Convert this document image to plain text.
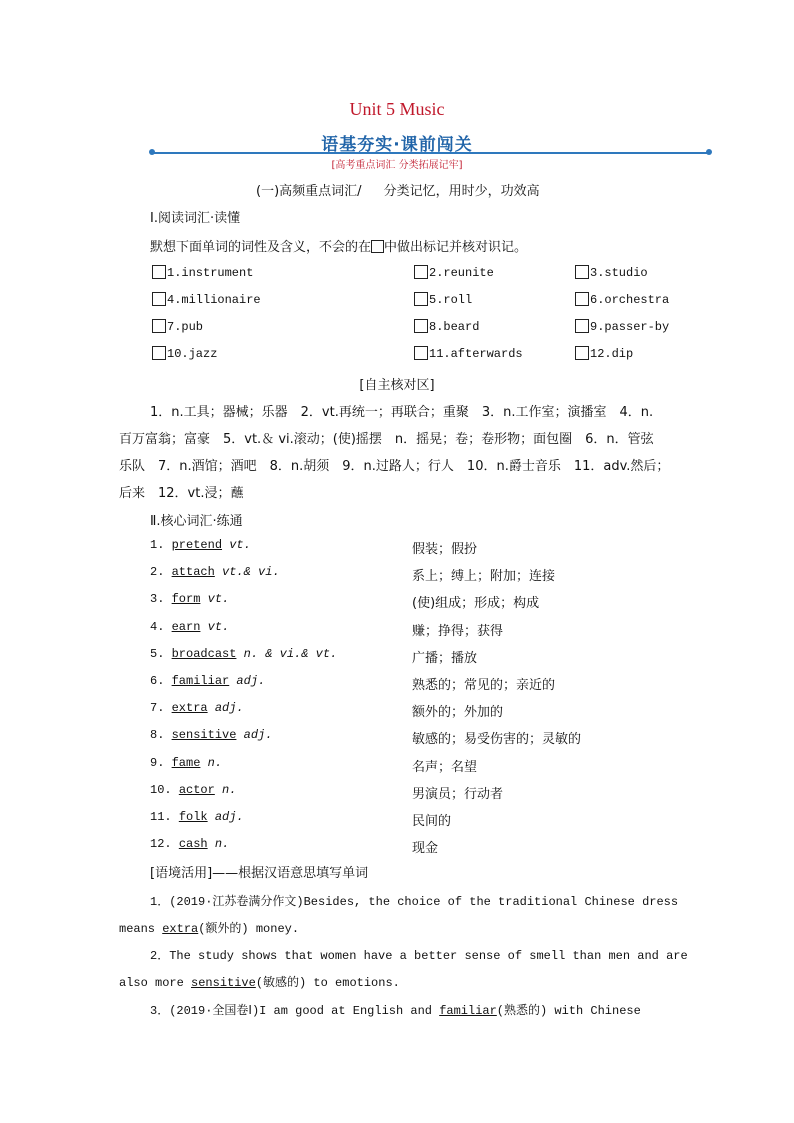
Unit 5 Music
语基夯实·课前闯关
[高考重点词汇 分类拓展记牢]
(一)高频重点词汇/ 分类记忆，用时少，功效高
Ⅰ.阅读词汇·读懂
默想下面单词的词性及含义，不会的在 中做出标记并核对识记。
1.instrument	2.reunite	3.studio
4.millionaire	5.roll	6.orchestra
7.pub	8.beard	9.passer-by
10.jazz	11.afterwards	12.dip
[自主核对区]
1．n.工具；器械；乐器　2．vt.再统一；再联合；重聚　3．n.工作室；演播室　4．n.
百万富翁；富豪　5．vt.＆ vi.滚动；(使)摇摆　n．摇晃；卷；卷形物；面包圈　6．n．管弦
乐队　7．n.酒馆；酒吧　8．n.胡须　9．n.过路人；行人　10．n.爵士音乐　11．adv.然后；
后来　12．vt.浸；蘸
Ⅱ.核心词汇·练通
1. pretend vt.	假装；假扮
2. attach vt.& vi.	系上；缚上；附加；连接
3. form vt.	(使)组成；形成；构成
4. earn vt.	赚；挣得；获得
5. broadcast n. & vi.& vt.	广播；播放
6. familiar adj.	熟悉的；常见的；亲近的
7. extra adj.	额外的；外加的
8. sensitive adj.	敏感的；易受伤害的；灵敏的
9. fame n.	名声；名望
10. actor n.	男演员；行动者
11. folk adj.	民间的
12. cash n.	现金
[语境活用]——根据汉语意思填写单词
1．(2019·江苏卷满分作文)Besides, the choice of the traditional Chinese dress
means extra(额外的) money.
2．The study shows that women have a better sense of smell than men and are
also more sensitive(敏感的) to emotions.
3．(2019·全国卷Ⅰ)I am good at English and familiar(熟悉的) with Chinese
